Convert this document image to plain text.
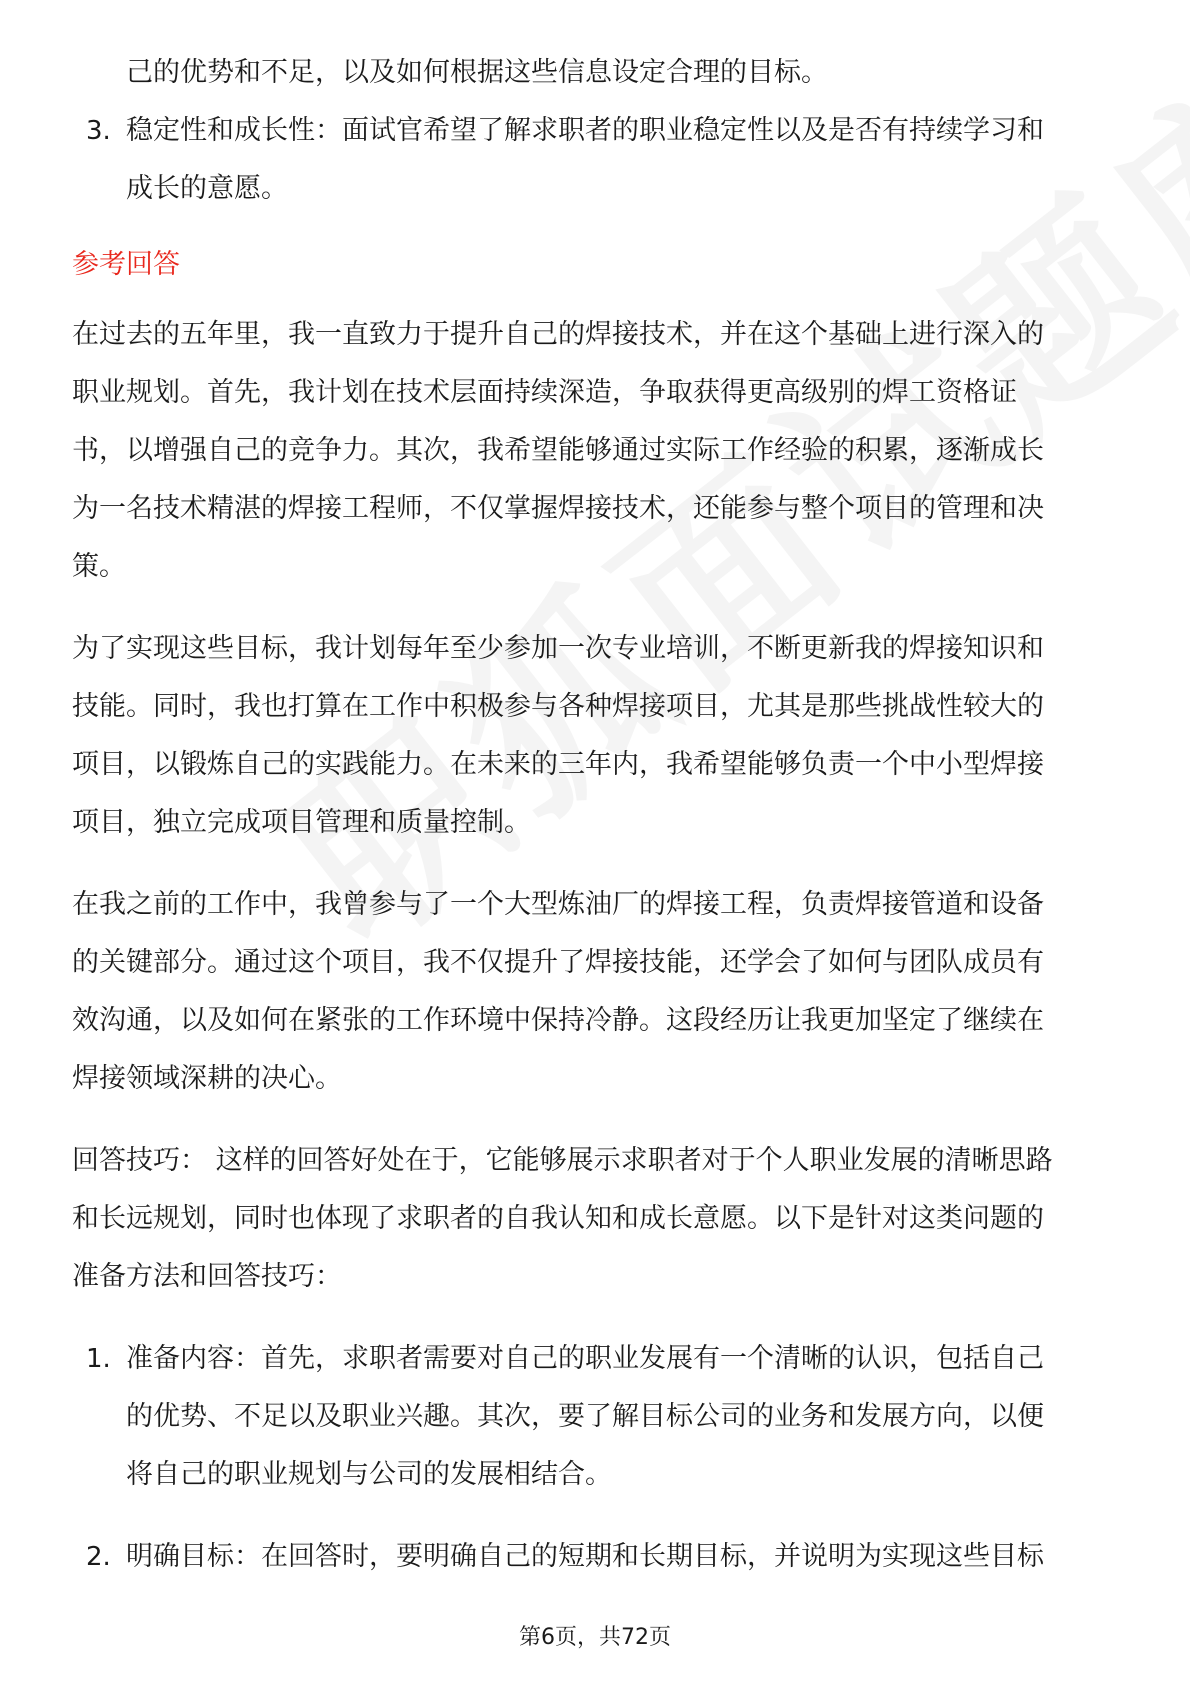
己的优势和不足，以及如何根据这些信息设定合理的目标。
3. 稳定性和成长性：面试官希望了解求职者的职业稳定性以及是否有持续学习和
成长的意愿。
参考回答
在过去的五年里，我一直致力于提升自己的焊接技术，并在这个基础上进行深入的
职业规划。首先，我计划在技术层面持续深造，争取获得更高级别的焊工资格证
书，以增强自己的竞争力。其次，我希望能够通过实际工作经验的积累，逐渐成长
为一名技术精湛的焊接工程师，不仅掌握焊接技术，还能参与整个项目的管理和决
策。
为了实现这些目标，我计划每年至少参加一次专业培训，不断更新我的焊接知识和
技能。同时，我也打算在工作中积极参与各种焊接项目，尤其是那些挑战性较大的
项目，以锻炼自己的实践能力。在未来的三年内，我希望能够负责一个中小型焊接
项目，独立完成项目管理和质量控制。
在我之前的工作中，我曾参与了一个大型炼油厂的焊接工程，负责焊接管道和设备
的关键部分。通过这个项目，我不仅提升了焊接技能，还学会了如何与团队成员有
效沟通，以及如何在紧张的工作环境中保持冷静。这段经历让我更加坚定了继续在
焊接领域深耕的决心。
回答技巧： 这样的回答好处在于，它能够展示求职者对于个人职业发展的清晰思路
和长远规划，同时也体现了求职者的自我认知和成长意愿。以下是针对这类问题的
准备方法和回答技巧：
1. 准备内容：首先，求职者需要对自己的职业发展有一个清晰的认识，包括自己
的优势、不足以及职业兴趣。其次，要了解目标公司的业务和发展方向，以便
将自己的职业规划与公司的发展相结合。
2. 明确目标：在回答时，要明确自己的短期和长期目标，并说明为实现这些目标
第6页，共72页
